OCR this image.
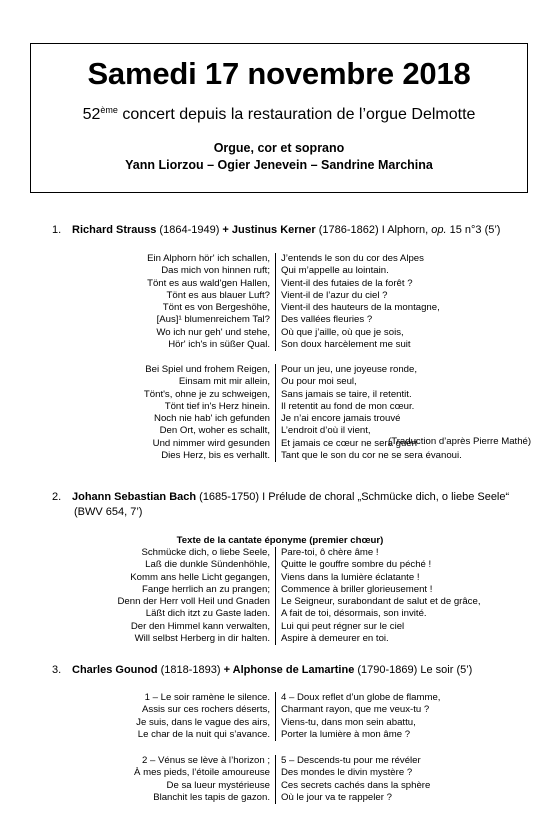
Samedi 17 novembre 2018
52ème concert depuis la restauration de l’orgue Delmotte
Orgue, cor et soprano
Yann Liorzou – Ogier Jenevein – Sandrine Marchina
1. Richard Strauss (1864-1949) + Justinus Kerner (1786-1862) I Alphorn, op. 15 n°3 (5’)
Ein Alphorn hör' ich schallen,
Das mich von hinnen ruft;
Tönt es aus wald'gen Hallen,
Tönt es aus blauer Luft?
Tönt es von Bergeshöhe,
[Aus]¹ blumenreichem Tal?
Wo ich nur geh' und stehe,
Hör' ich's in süßer Qual.
J’entends le son du cor des Alpes
Qui m’appelle au lointain.
Vient-il des futaies de la forêt ?
Vient-il de l’azur du ciel ?
Vient-il des hauteurs de la montagne,
Des vallées fleuries ?
Où que j’aille, où que je sois,
Son doux harcèlement me suit
Bei Spiel und frohem Reigen,
Einsam mit mir allein,
Tönt's, ohne je zu schweigen,
Tönt tief in's Herz hinein.
Noch nie hab' ich gefunden
Den Ort, woher es schallt,
Und nimmer wird gesunden
Dies Herz, bis es verhallt.
Pour un jeu, une joyeuse ronde,
Ou pour moi seul,
Sans jamais se taire, il retentit.
Il retentit au fond de mon cœur.
Je n’ai encore jamais trouvé
L’endroit d’où il vient,
Et jamais ce cœur ne sera guéri
Tant que le son du cor ne se sera évanoui.
(Traduction d’après Pierre Mathé)
2. Johann Sebastian Bach (1685-1750) I Prélude de choral „Schmücke dich, o liebe Seele“
(BWV 654, 7’)
Texte de la cantate éponyme (premier chœur)
Schmücke dich, o liebe Seele,
Laß die dunkle Sündenhöhle,
Komm ans helle Licht gegangen,
Fange herrlich an zu prangen;
Denn der Herr voll Heil und Gnaden
Läßt dich itzt zu Gaste laden.
Der den Himmel kann verwalten,
Will selbst Herberg in dir halten.
Pare-toi, ô chère âme !
Quitte le gouffre sombre du péché !
Viens dans la lumière éclatante !
Commence à briller glorieusement !
Le Seigneur, surabondant de salut et de grâce,
A fait de toi, désormais, son invité.
Lui qui peut régner sur le ciel
Aspire à demeurer en toi.
3. Charles Gounod (1818-1893) + Alphonse de Lamartine (1790-1869) Le soir (5’)
1 – Le soir ramène le silence.
Assis sur ces rochers déserts,
Je suis, dans le vague des airs,
Le char de la nuit qui s’avance.
4 – Doux reflet d’un globe de flamme,
Charmant rayon, que me veux-tu ?
Viens-tu, dans mon sein abattu,
Porter la lumière à mon âme ?
2 – Vénus se lève à l’horizon ;
À mes pieds, l’étoile amoureuse
De sa lueur mystérieuse
Blanchit les tapis de gazon.
5 – Descends-tu pour me révéler
Des mondes le divin mystère ?
Ces secrets cachés dans la sphère
Où le jour va te rappeler ?
